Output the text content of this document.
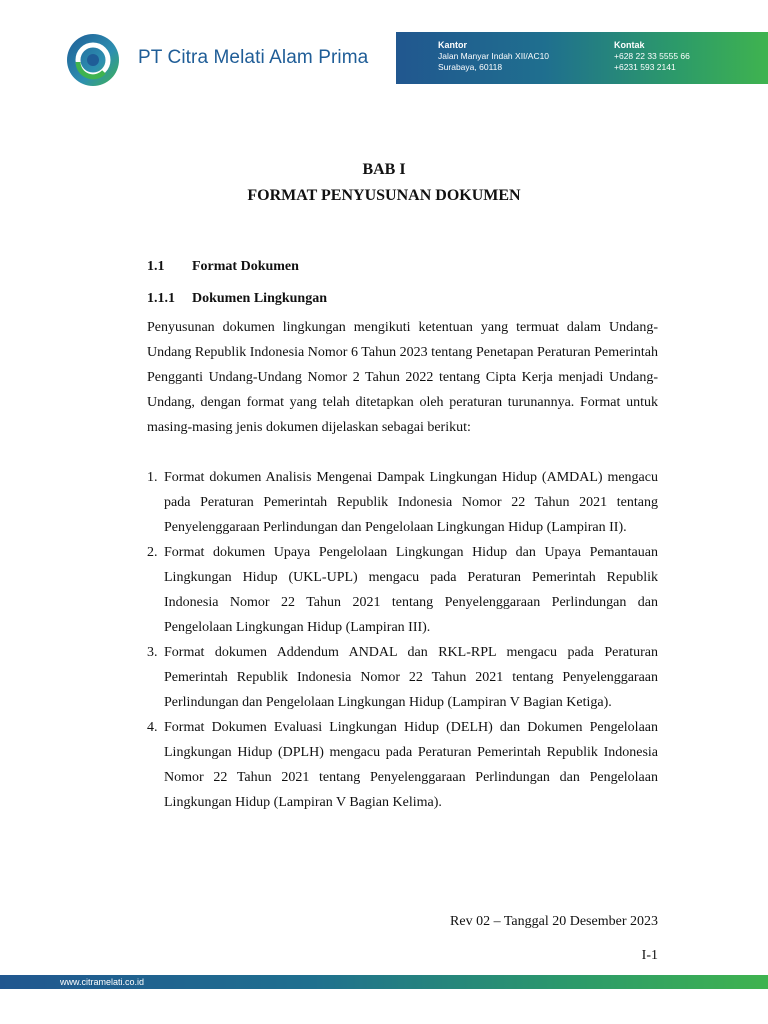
PT Citra Melati Alam Prima
Kantor
Jalan Manyar Indah XII/AC10
Surabaya, 60118
Kontak
+628 22 33 5555 66
+6231 593 2141
BAB I
FORMAT PENYUSUNAN DOKUMEN
1.1 Format Dokumen
1.1.1 Dokumen Lingkungan
Penyusunan dokumen lingkungan mengikuti ketentuan yang termuat dalam Undang-Undang Republik Indonesia Nomor 6 Tahun 2023 tentang Penetapan Peraturan Pemerintah Pengganti Undang-Undang Nomor 2 Tahun 2022 tentang Cipta Kerja menjadi Undang-Undang, dengan format yang telah ditetapkan oleh peraturan turunannya. Format untuk masing-masing jenis dokumen dijelaskan sebagai berikut:
1. Format dokumen Analisis Mengenai Dampak Lingkungan Hidup (AMDAL) mengacu pada Peraturan Pemerintah Republik Indonesia Nomor 22 Tahun 2021 tentang Penyelenggaraan Perlindungan dan Pengelolaan Lingkungan Hidup (Lampiran II).
2. Format dokumen Upaya Pengelolaan Lingkungan Hidup dan Upaya Pemantauan Lingkungan Hidup (UKL-UPL) mengacu pada Peraturan Pemerintah Republik Indonesia Nomor 22 Tahun 2021 tentang Penyelenggaraan Perlindungan dan Pengelolaan Lingkungan Hidup (Lampiran III).
3. Format dokumen Addendum ANDAL dan RKL-RPL mengacu pada Peraturan Pemerintah Republik Indonesia Nomor 22 Tahun 2021 tentang Penyelenggaraan Perlindungan dan Pengelolaan Lingkungan Hidup (Lampiran V Bagian Ketiga).
4. Format Dokumen Evaluasi Lingkungan Hidup (DELH) dan Dokumen Pengelolaan Lingkungan Hidup (DPLH) mengacu pada Peraturan Pemerintah Republik Indonesia Nomor 22 Tahun 2021 tentang Penyelenggaraan Perlindungan dan Pengelolaan Lingkungan Hidup (Lampiran V Bagian Kelima).
Rev 02 – Tanggal 20 Desember 2023
I-1
www.citramelati.co.id
